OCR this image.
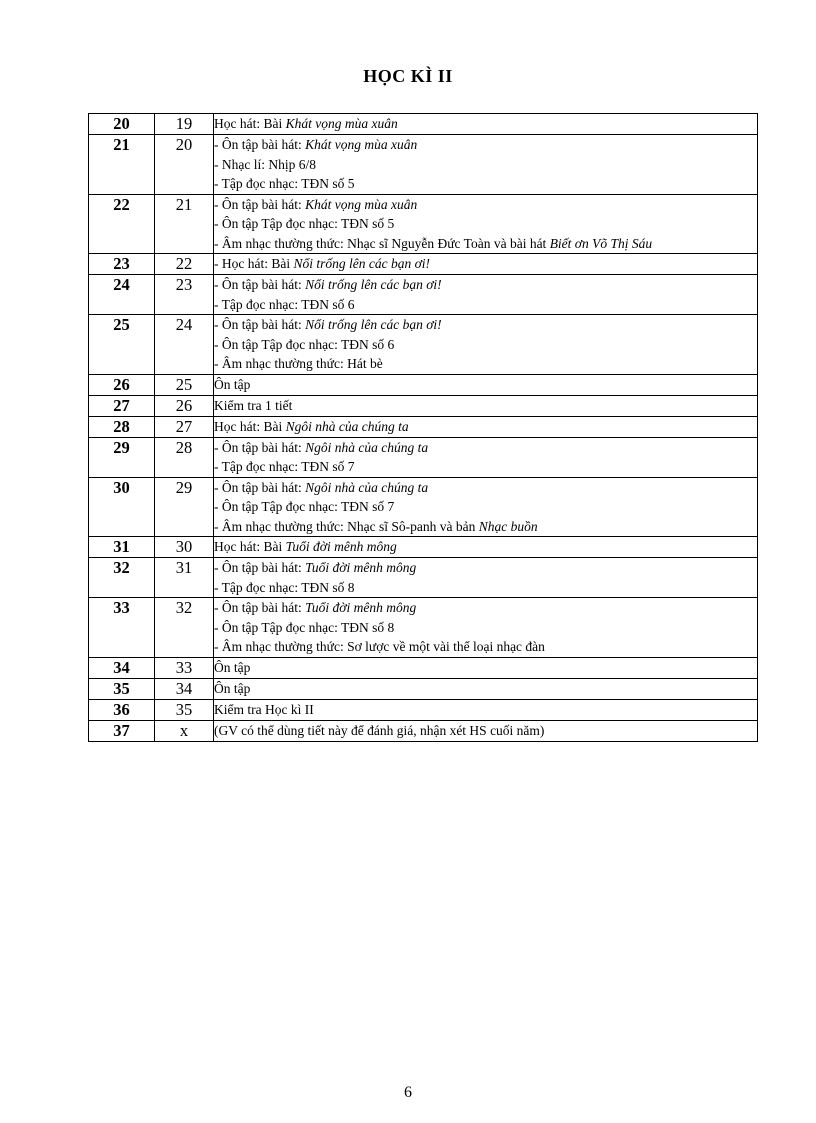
HỌC KÌ II
20	19	Học hát: Bài Khát vọng mùa xuân

21	20	- Ôn tập bài hát: Khát vọng mùa xuân
- Nhạc lí: Nhịp 6/8
- Tập đọc nhạc: TĐN số 5

22	21	- Ôn tập bài hát: Khát vọng mùa xuân
- Ôn tập Tập đọc nhạc: TĐN số 5
- Âm nhạc thường thức: Nhạc sĩ Nguyễn Đức Toàn và bài hát Biết ơn Võ Thị Sáu

23	22	- Học hát: Bài Nổi trống lên các bạn ơi!

24	23	- Ôn tập bài hát: Nổi trống lên các bạn ơi!
- Tập đọc nhạc: TĐN số 6

25	24	- Ôn tập bài hát: Nổi trống lên các bạn ơi!
- Ôn tập Tập đọc nhạc: TĐN số 6
- Âm nhạc thường thức: Hát bè

26	25	Ôn tập

27	26	Kiểm tra 1 tiết

28	27	Học hát: Bài Ngôi nhà của chúng ta

29	28	- Ôn tập bài hát: Ngôi nhà của chúng ta
- Tập đọc nhạc: TĐN số 7

30	29	- Ôn tập bài hát: Ngôi nhà của chúng ta
- Ôn tập Tập đọc nhạc: TĐN số 7
- Âm nhạc thường thức: Nhạc sĩ Sô-panh và bản Nhạc buồn

31	30	Học hát: Bài Tuổi đời mênh mông

32	31	- Ôn tập bài hát: Tuổi đời mênh mông
- Tập đọc nhạc: TĐN số 8

33	32	- Ôn tập bài hát: Tuổi đời mênh mông
- Ôn tập Tập đọc nhạc: TĐN số 8
- Âm nhạc thường thức: Sơ lược về một vài thể loại nhạc đàn

34	33	Ôn tập

35	34	Ôn tập

36	35	Kiểm tra Học kì II

37	x	(GV có thể dùng tiết này để đánh giá, nhận xét HS cuối năm)
6
